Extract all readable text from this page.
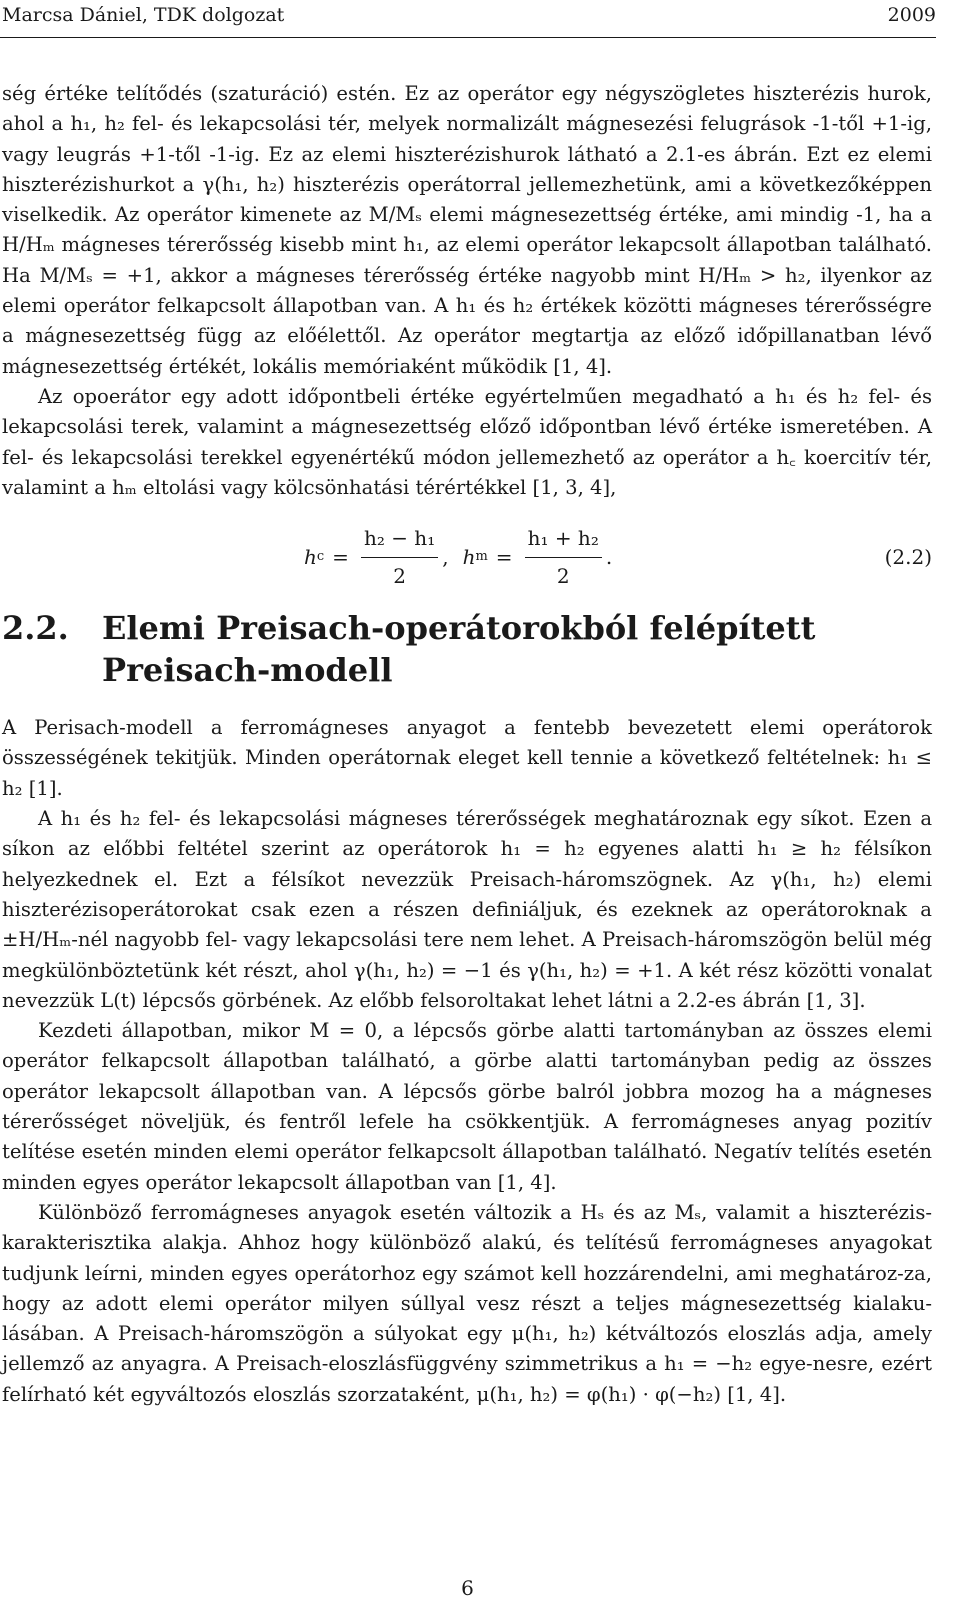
Marcsa Dániel, TDK dolgozat	2009

ség értéke telítődés (szaturáció) estén. Ez az operátor egy négyszögletes hiszterézis hurok, ahol a h₁, h₂ fel- és lekapcsolási tér, melyek normalizált mágnesezési felugrások -1-től +1-ig, vagy leugrás +1-től -1-ig. Ez az elemi hiszterézishurok látható a 2.1-es ábrán. Ezt ez elemi hiszterézishurkot a γ(h₁, h₂) hiszterézis operátorral jellemezhetünk, ami a következőképpen viselkedik. Az operátor kimenete az M/Mₛ elemi mágnesezettség értéke, ami mindig -1, ha a H/Hₘ mágneses térerősség kisebb mint h₁, az elemi operátor lekapcsolt állapotban található. Ha M/Mₛ = +1, akkor a mágneses térerősség értéke nagyobb mint H/Hₘ > h₂, ilyenkor az elemi operátor felkapcsolt állapotban van. A h₁ és h₂ értékek közötti mágneses térerősségre a mágnesezettség függ az előélettől. Az operátor megtartja az előző időpillanatban lévő mágnesezettség értékét, lokális memóriaként működik [1, 4].

Az opoerátor egy adott időpontbeli értéke egyértelműen megadható a h₁ és h₂ fel- és lekapcsolási terek, valamint a mágnesezettség előző időpontban lévő értéke ismeretében. A fel- és lekapcsolási terekkel egyenértékű módon jellemezhető az operátor a h꜀ koercitív tér, valamint a hₘ eltolási vagy kölcsönhatási térértékkel [1, 3, 4],

h $c = \frac{\text{h₂ − h₁}}{2}$ , h $m = \frac{\text{h₁ + h₂}}{2}$ .	(2.2)
2.2.	Elemi Preisach-operátorokból felépített Preisach-modell

A Perisach-modell a ferromágneses anyagot a fentebb bevezetett elemi operátorok összességének tekitjük. Minden operátornak eleget kell tennie a következő feltételnek: h₁ ≤ h₂ [1].

A h₁ és h₂ fel- és lekapcsolási mágneses térerősségek meghatároznak egy síkot. Ezen a síkon az előbbi feltétel szerint az operátorok h₁ = h₂ egyenes alatti h₁ ≥ h₂ félsíkon helyezkednek el. Ezt a félsíkot nevezzük Preisach-háromszögnek. Az γ(h₁, h₂) elemi hiszterézisoperátorokat csak ezen a részen definiáljuk, és ezeknek az operátoroknak a ±H/Hₘ-nél nagyobb fel- vagy lekapcsolási tere nem lehet. A Preisach-háromszögön belül még megkülönböztetünk két részt, ahol γ(h₁, h₂) = −1 és γ(h₁, h₂) = +1. A két rész közötti vonalat nevezzük L(t) lépcsős görbének. Az előbb felsoroltakat lehet látni a 2.2-es ábrán [1, 3].

Kezdeti állapotban, mikor M = 0, a lépcsős görbe alatti tartományban az összes elemi operátor felkapcsolt állapotban található, a görbe alatti tartományban pedig az összes operátor lekapcsolt állapotban van. A lépcsős görbe balról jobbra mozog ha a mágneses térerősséget növeljük, és fentről lefele ha csökkentjük. A ferromágneses anyag pozitív telítése esetén minden elemi operátor felkapcsolt állapotban található. Negatív telítés esetén minden egyes operátor lekapcsolt állapotban van [1, 4].

Különböző ferromágneses anyagok esetén változik a Hₛ és az Mₛ, valamit a hiszterézis-karakterisztika alakja. Ahhoz hogy különböző alakú, és telítésű ferromágneses anyagokat tudjunk leírni, minden egyes operátorhoz egy számot kell hozzárendelni, ami meghatároz-za, hogy az adott elemi operátor milyen súllyal vesz részt a teljes mágnesezettség kialaku-lásában. A Preisach-háromszögön a súlyokat egy μ(h₁, h₂) kétváltozós eloszlás adja, amely jellemző az anyagra. A Preisach-eloszlásfüggvény szimmetrikus a h₁ = −h₂ egye-nesre, ezért felírható két egyváltozós eloszlás szorzataként, μ(h₁, h₂) = φ(h₁) · φ(−h₂) [1, 4].

6
